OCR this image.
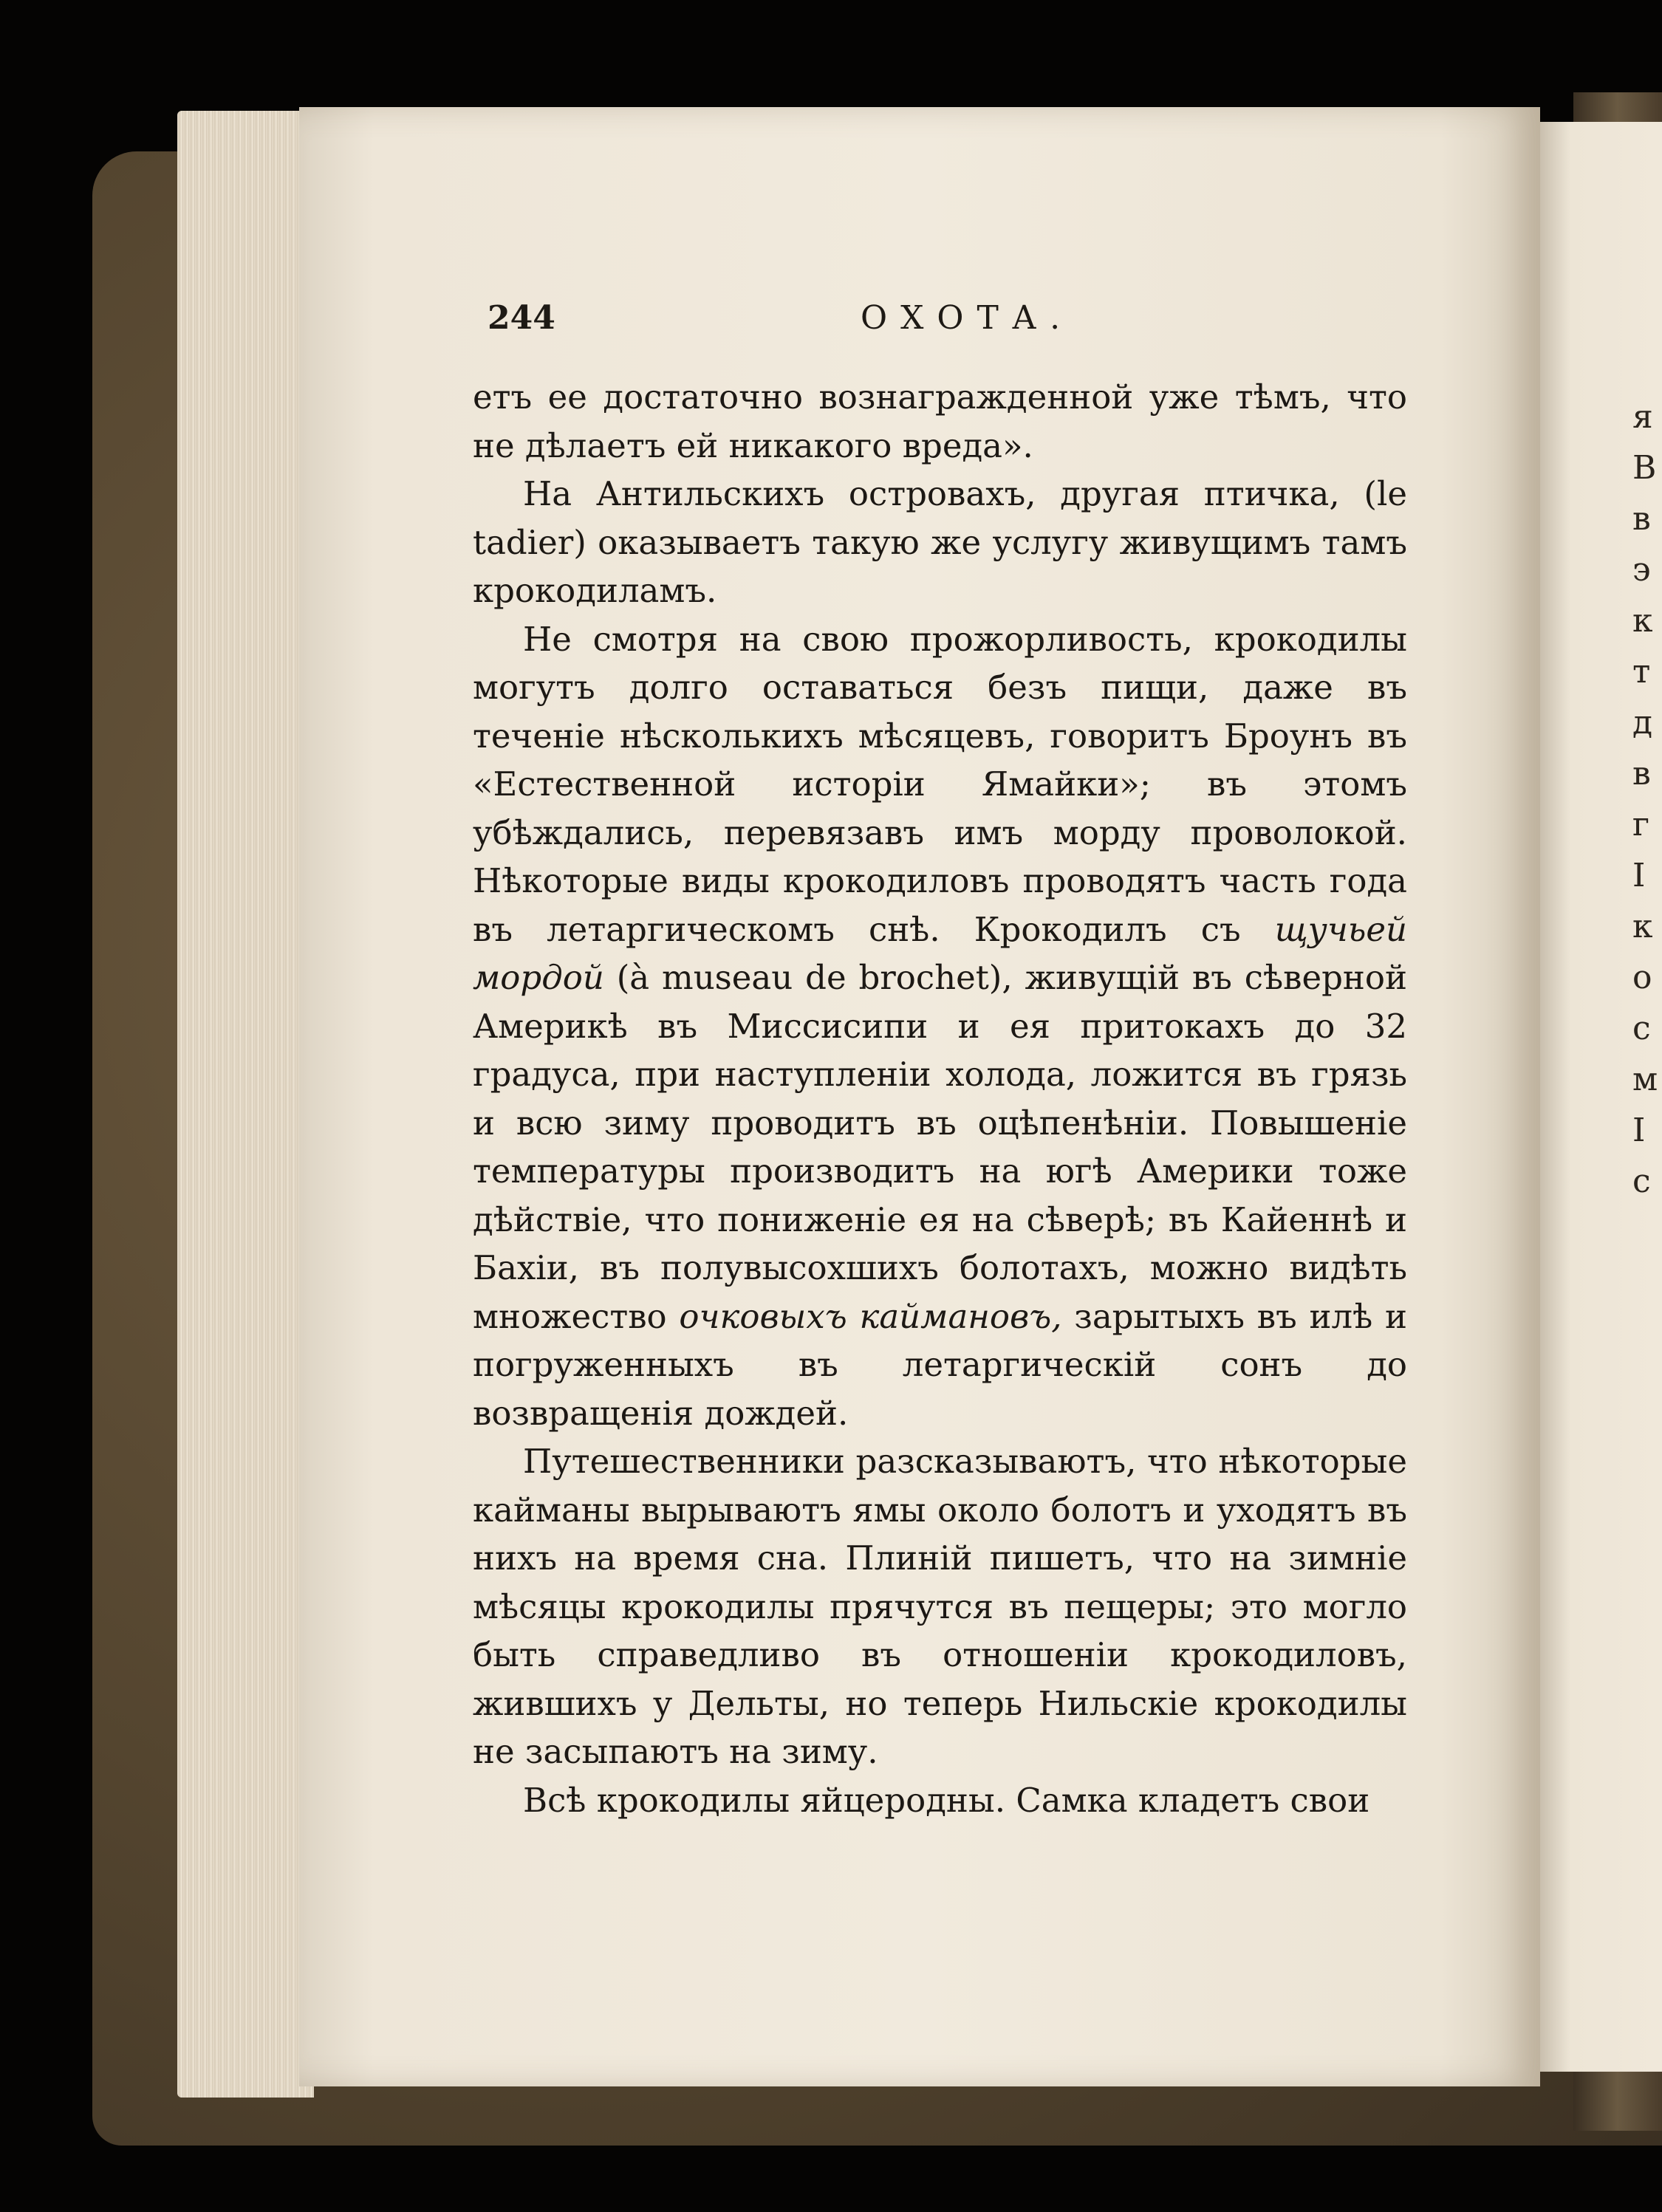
я
В
в
э
к
т
д
в
г
I
к
о
с
м
I
с
244	ОХОТА.

етъ ее достаточно вознагражденной уже тѣмъ, что не дѣлаетъ ей никакого вреда».

На Антильскихъ островахъ, другая птичка, (le tadier) оказываетъ такую же услугу живущимъ тамъ крокодиламъ.

Не смотря на свою прожорливость, крокодилы могутъ долго оставаться безъ пищи, даже въ теченіе нѣсколькихъ мѣсяцевъ, говоритъ Броунъ въ «Естественной исторіи Ямайки»; въ этомъ убѣждались, перевязавъ имъ морду проволокой. Нѣкоторые виды крокодиловъ проводятъ часть года въ летаргическомъ снѣ. Крокодилъ съ щучьей мордой (à museau de brochet), живущій въ сѣверной Америкѣ въ Миссисипи и ея притокахъ до 32 градуса, при наступленіи холода, ложится въ грязь и всю зиму проводитъ въ оцѣпенѣніи. Повышеніе температуры производитъ на югѣ Америки тоже дѣйствіе, что пониженіе ея на сѣверѣ; въ Кайеннѣ и Бахіи, въ полувысохшихъ болотахъ, можно видѣть множество очковыхъ каймановъ, зарытыхъ въ илѣ и погруженныхъ въ летаргическій сонъ до возвращенія дождей.

Путешественники разсказываютъ, что нѣкоторые кайманы вырываютъ ямы около болотъ и уходятъ въ нихъ на время сна. Плиній пишетъ, что на зимніе мѣсяцы крокодилы прячутся въ пещеры; это могло быть справедливо въ отношеніи крокодиловъ, жившихъ у Дельты, но теперь Нильскіе крокодилы не засыпаютъ на зиму.

Всѣ крокодилы яйцеродны. Самка кладетъ свои
